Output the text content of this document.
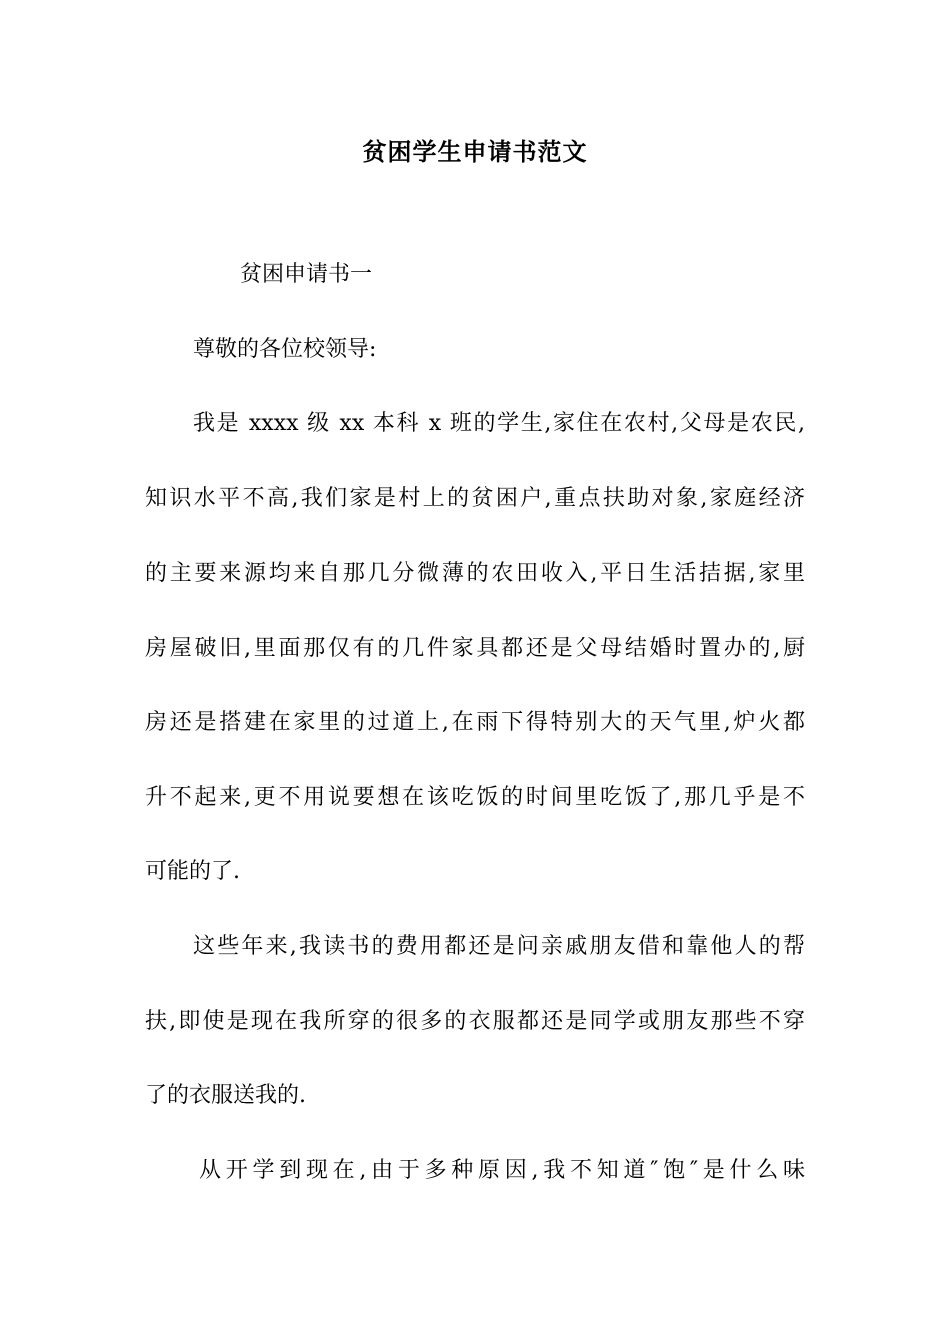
贫困学生申请书范文
贫困申请书一
尊敬的各位校领导:
我是 xxxx 级 xx 本科 x 班的学生,家住在农村,父母是农民,
知识水平不高,我们家是村上的贫困户,重点扶助对象,家庭经济
的主要来源均来自那几分微薄的农田收入,平日生活拮据,家里
房屋破旧,里面那仅有的几件家具都还是父母结婚时置办的,厨
房还是搭建在家里的过道上,在雨下得特别大的天气里,炉火都
升不起来,更不用说要想在该吃饭的时间里吃饭了,那几乎是不
可能的了.
这些年来,我读书的费用都还是问亲戚朋友借和靠他人的帮
扶,即使是现在我所穿的很多的衣服都还是同学或朋友那些不穿
了的衣服送我的.
从开学到现在,由于多种原因,我不知道″饱″是什么味
